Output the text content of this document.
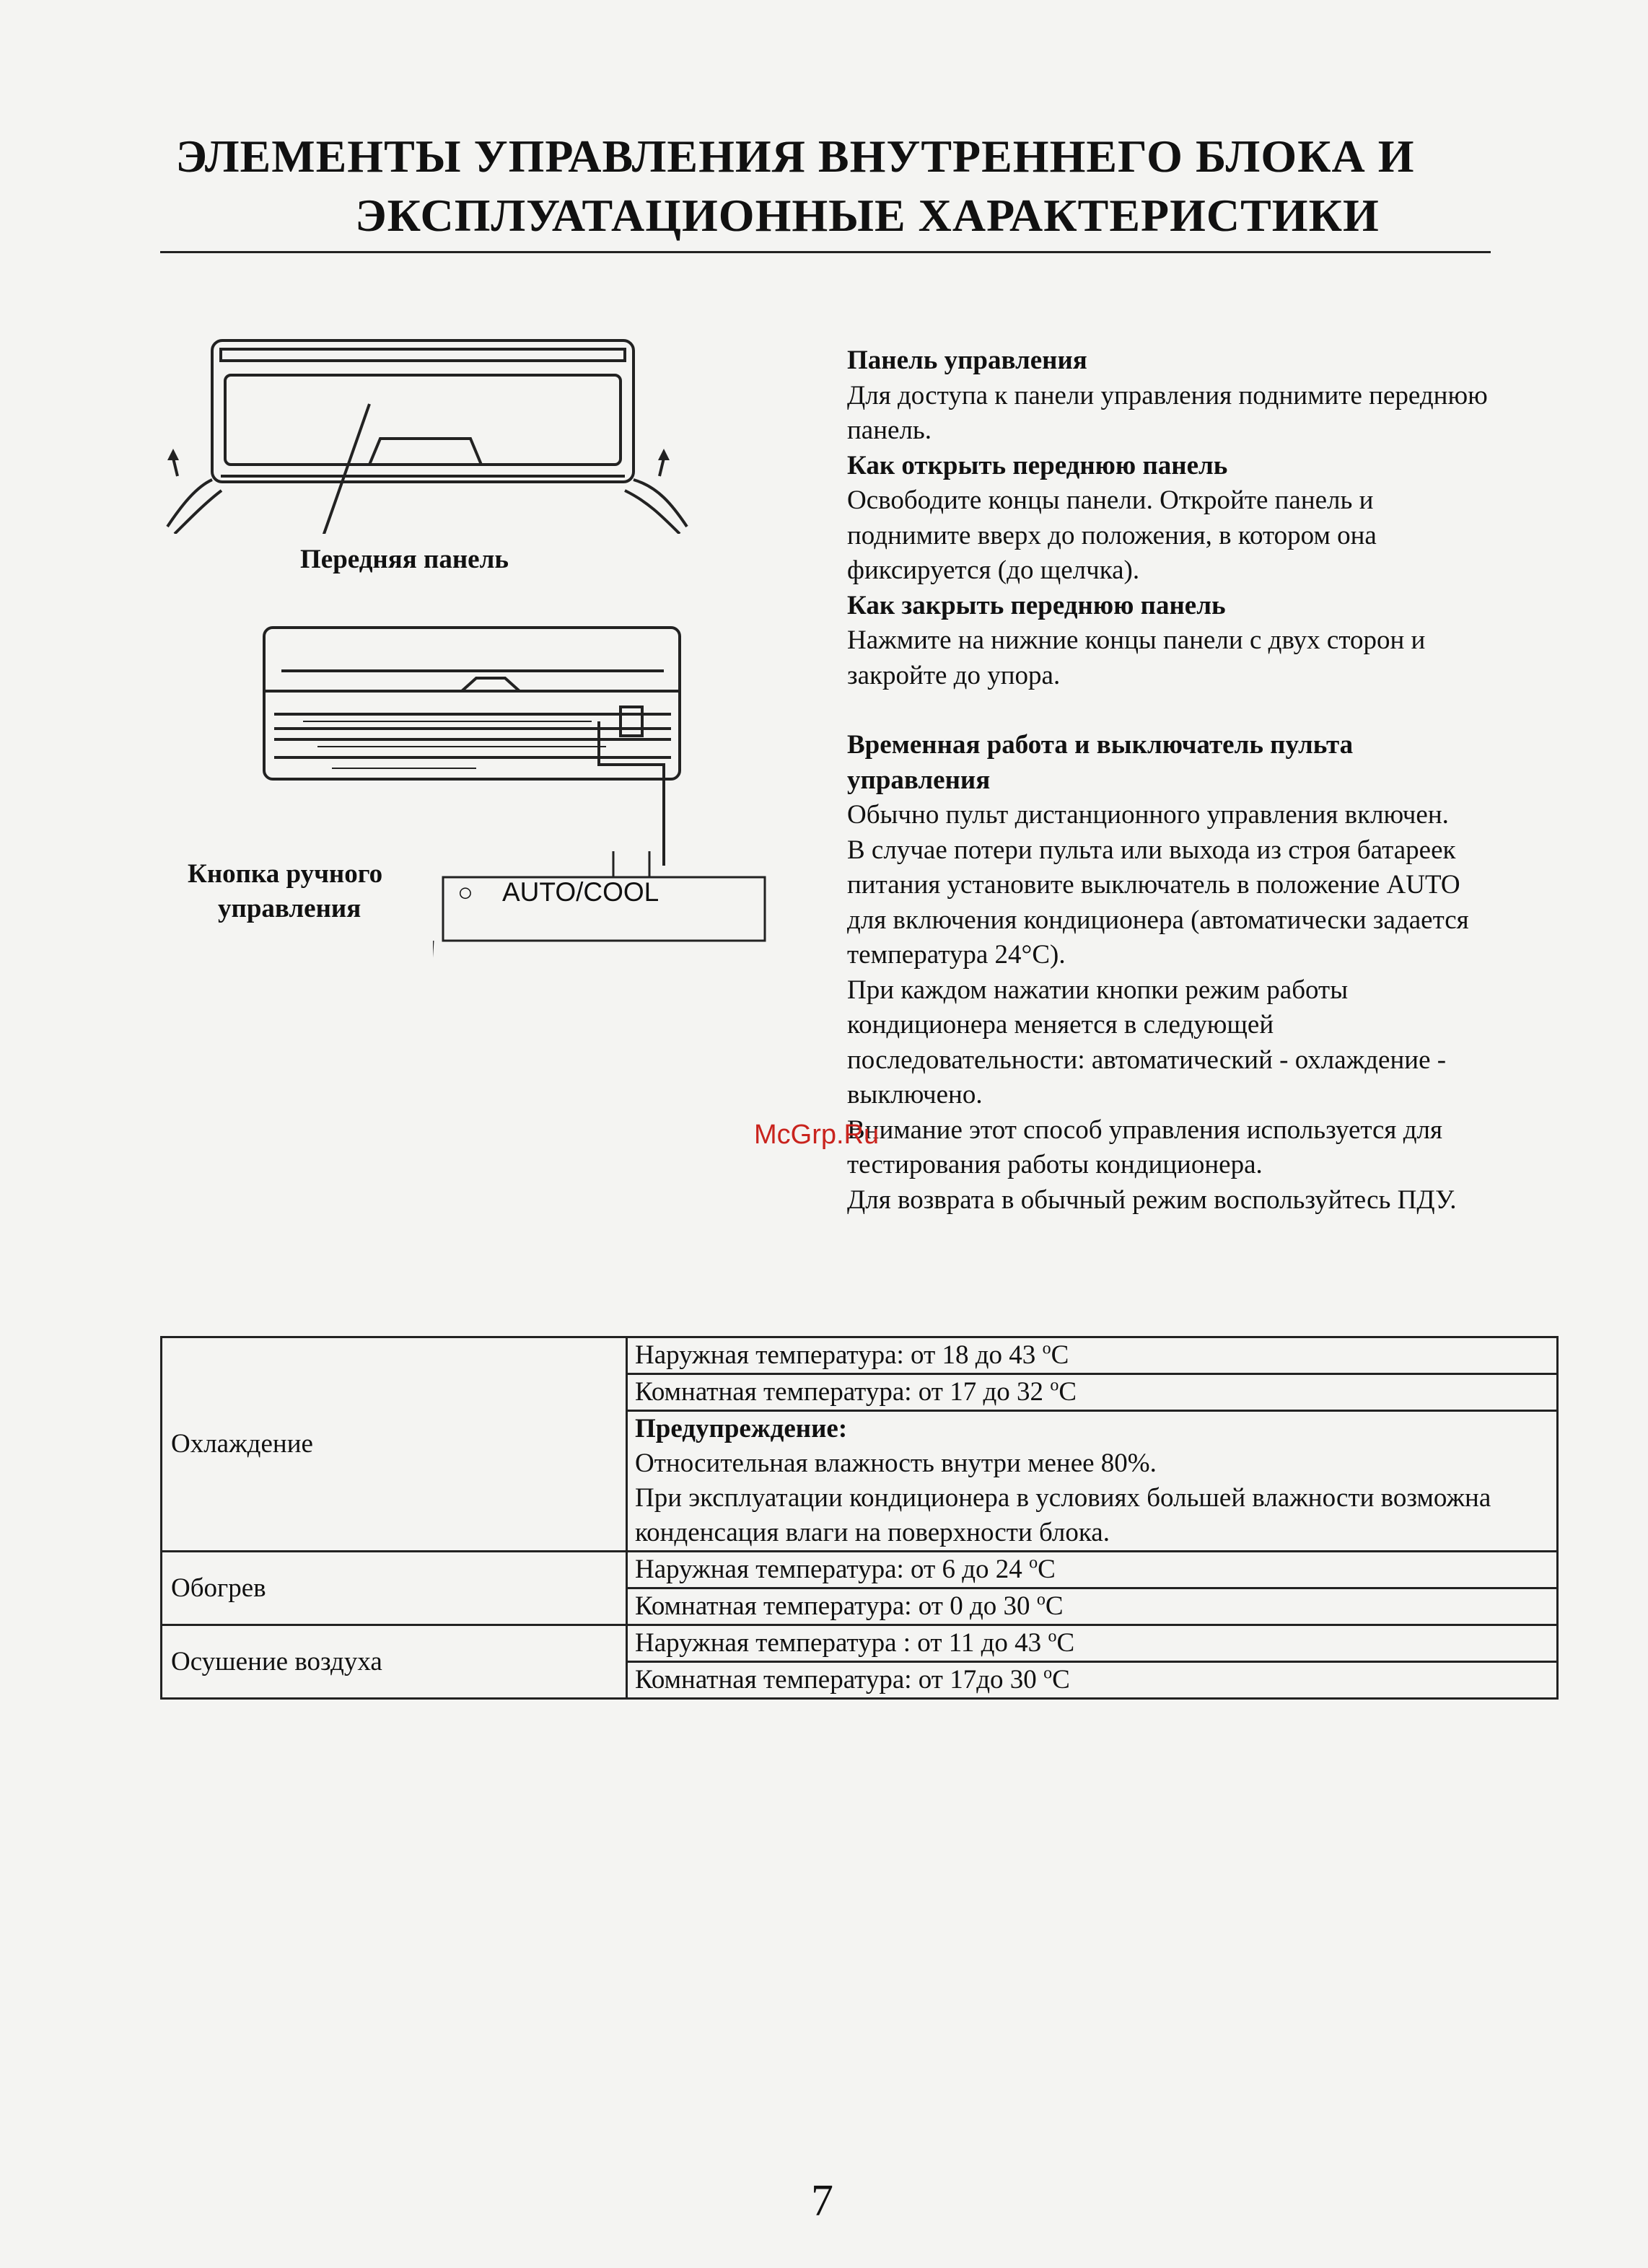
ЭЛЕМЕНТЫ УПРАВЛЕНИЯ ВНУТРЕННЕГО БЛОКА И
ЭКСПЛУАТАЦИОННЫЕ ХАРАКТЕРИСТИКИ
Передняя панель
Кнопка ручного
управления
○ AUTO/COOL

Панель управления

Для доступа к панели управления поднимите переднюю панель.

Как открыть переднюю панель

Освободите концы панели. Откройте панель и поднимите вверх до положения, в котором она фиксируется (до щелчка).

Как закрыть переднюю панель

Нажмите на нижние концы панели с двух сторон и закройте до упора.

Временная работа и выключатель пульта управления

Обычно пульт дистанционного управления включен.

В случае потери пульта или выхода из строя батареек питания установите выключатель в положение AUTO для включения кондиционера (автоматически задается температура 24°С).

При каждом нажатии кнопки режим работы кондиционера меняется в следующей последовательности: автоматический - охлаждение - выключено.

Внимание этот способ управления используется для тестирования работы кондиционера.

Для возврата в обычный режим воспользуйтесь ПДУ.

McGrp.Ru
Охлаждение	Наружная температура: от 18 до 43 $^о$С
	Комнатная температура: от 17 до 32 $^о$С

	Предупреждение:
Относительная влажность внутри менее 80%.
При эксплуатации кондиционера в условиях большей влажности возможна конденсация влаги на поверхности блока.

Обогрев	Наружная температура: от 6 до 24 $^о$С
	Комнатная температура: от 0 до 30 $^о$С
Осушение воздуха	Наружная температура : от 11 до 43 $^о$С
	Комнатная температура: от 17до 30 $^о$С
7
